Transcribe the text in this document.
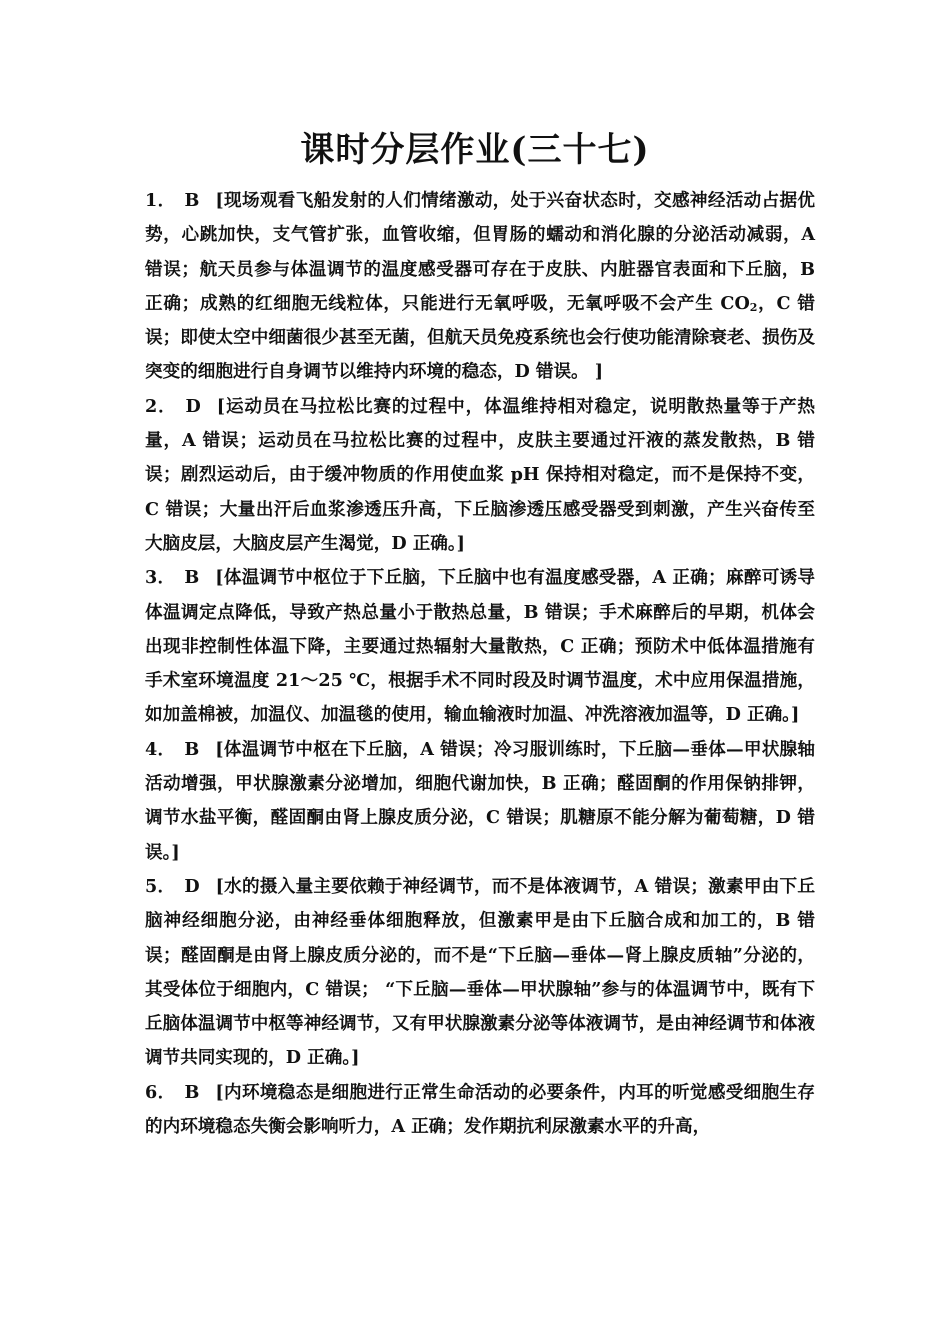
课时分层作业(三十七)

1． B [现场观看飞船发射的人们情绪激动，处于兴奋状态时，交感神经活动占据优势，心跳加快，支气管扩张，血管收缩，但胃肠的蠕动和消化腺的分泌活动减弱，A 错误；航天员参与体温调节的温度感受器可存在于皮肤、内脏器官表面和下丘脑，B 正确；成熟的红细胞无线粒体，只能进行无氧呼吸，无氧呼吸不会产生 $CO_2$，C 错误；即使太空中细菌很少甚至无菌，但航天员免疫系统也会行使功能清除衰老、损伤及突变的细胞进行自身调节以维持内环境的稳态，D 错误。 ]

2． D [运动员在马拉松比赛的过程中，体温维持相对稳定，说明散热量等于产热量，A 错误；运动员在马拉松比赛的过程中，皮肤主要通过汗液的蒸发散热，B 错误；剧烈运动后，由于缓冲物质的作用使血浆 pH 保持相对稳定，而不是保持不变，C 错误；大量出汗后血浆渗透压升高，下丘脑渗透压感受器受到刺激，产生兴奋传至大脑皮层，大脑皮层产生渴觉，D 正确。]

3． B [体温调节中枢位于下丘脑，下丘脑中也有温度感受器，A 正确；麻醉可诱导体温调定点降低，导致产热总量小于散热总量，B 错误；手术麻醉后的早期，机体会出现非控制性体温下降，主要通过热辐射大量散热，C 正确；预防术中低体温措施有手术室环境温度 21～25 ℃，根据手术不同时段及时调节温度，术中应用保温措施，如加盖棉被，加温仪、加温毯的使用，输血输液时加温、冲洗溶液加温等，D 正确。]

4． B [体温调节中枢在下丘脑，A 错误；冷习服训练时，下丘脑—垂体—甲状腺轴活动增强，甲状腺激素分泌增加，细胞代谢加快，B 正确；醛固酮的作用保钠排钾，调节水盐平衡，醛固酮由肾上腺皮质分泌，C 错误；肌糖原不能分解为葡萄糖，D 错误。]

5． D [水的摄入量主要依赖于神经调节，而不是体液调节，A 错误；激素甲由下丘脑神经细胞分泌，由神经垂体细胞释放，但激素甲是由下丘脑合成和加工的，B 错误；醛固酮是由肾上腺皮质分泌的，而不是“下丘脑—垂体—肾上腺皮质轴”分泌的，其受体位于细胞内，C 错误； “下丘脑—垂体—甲状腺轴”参与的体温调节中，既有下丘脑体温调节中枢等神经调节，又有甲状腺激素分泌等体液调节，是由神经调节和体液调节共同实现的，D 正确。]

6． B [内环境稳态是细胞进行正常生命活动的必要条件，内耳的听觉感受细胞生存的内环境稳态失衡会影响听力，A 正确；发作期抗利尿激素水平的升高，
